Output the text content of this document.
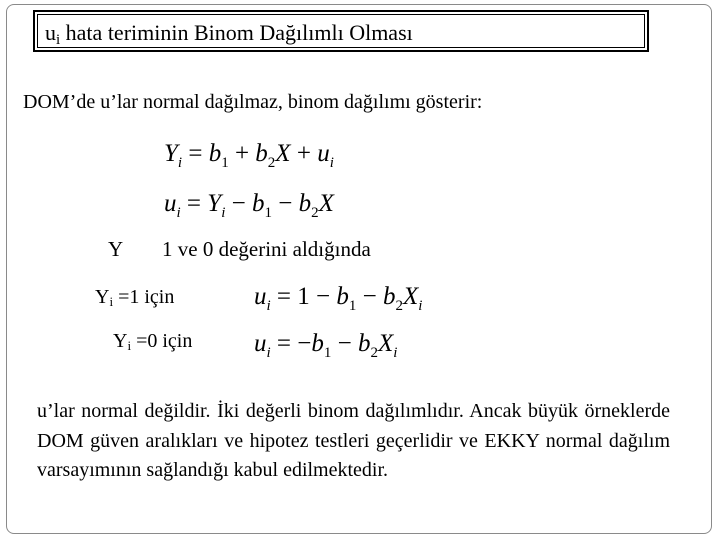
ui hata teriminin Binom Dağılımlı Olması
DOM’de u’lar normal dağılmaz, binom dağılımı gösterir:
$Y_i = b_1 + b_2X + u_i$
$u_i = Y_i - b_1 - b_2X$
Y 1 ve 0 değerini aldığında
Yi =1 için	$u_i = 1 - b_1 - b_2X_i$
Yi =0 için $u_i = -b_1 - b_2X_i$
u’lar normal değildir. İki değerli binom dağılımlıdır. Ancak büyük örneklerde DOM güven aralıkları ve hipotez testleri geçerlidir ve EKKY normal dağılım varsayımının sağlandığı kabul edilmektedir.
